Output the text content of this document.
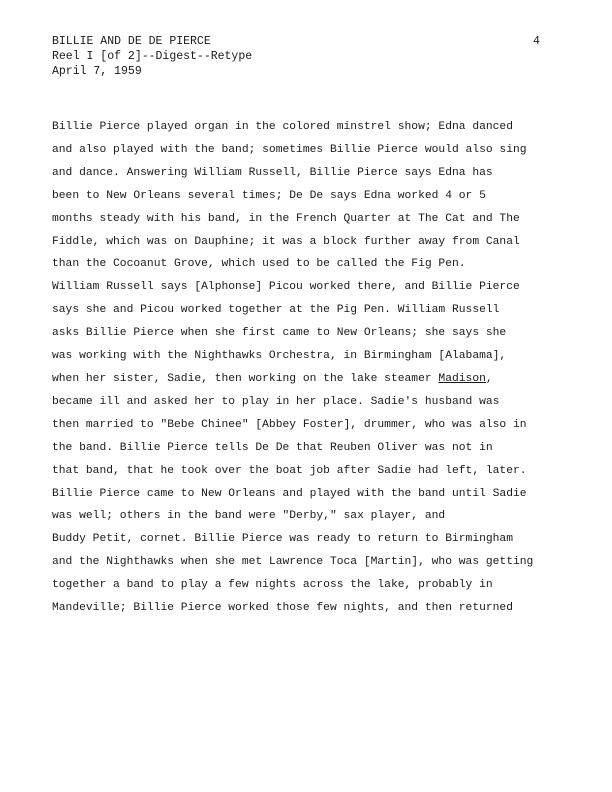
BILLIE AND DE DE PIERCE
Reel I [of 2]--Digest--Retype
April 7, 1959
4
Billie Pierce played organ in the colored minstrel show; Edna danced
and also played with the band; sometimes Billie Pierce would also sing
and dance. Answering William Russell, Billie Pierce says Edna has
been to New Orleans several times; De De says Edna worked 4 or 5
months steady with his band, in the French Quarter at The Cat and The
Fiddle, which was on Dauphine; it was a block further away from Canal
than the Cocoanut Grove, which used to be called the Fig Pen.
William Russell says [Alphonse] Picou worked there, and Billie Pierce
says she and Picou worked together at the Pig Pen. William Russell
asks Billie Pierce when she first came to New Orleans; she says she
was working with the Nighthawks Orchestra, in Birmingham [Alabama],
when her sister, Sadie, then working on the lake steamer Madison,
became ill and asked her to play in her place. Sadie's husband was
then married to "Bebe Chinee" [Abbey Foster], drummer, who was also in
the band. Billie Pierce tells De De that Reuben Oliver was not in
that band, that he took over the boat job after Sadie had left, later.
Billie Pierce came to New Orleans and played with the band until Sadie
was well; others in the band were "Derby," sax player, and
Buddy Petit, cornet. Billie Pierce was ready to return to Birmingham
and the Nighthawks when she met Lawrence Toca [Martin], who was getting
together a band to play a few nights across the lake, probably in
Mandeville; Billie Pierce worked those few nights, and then returned
